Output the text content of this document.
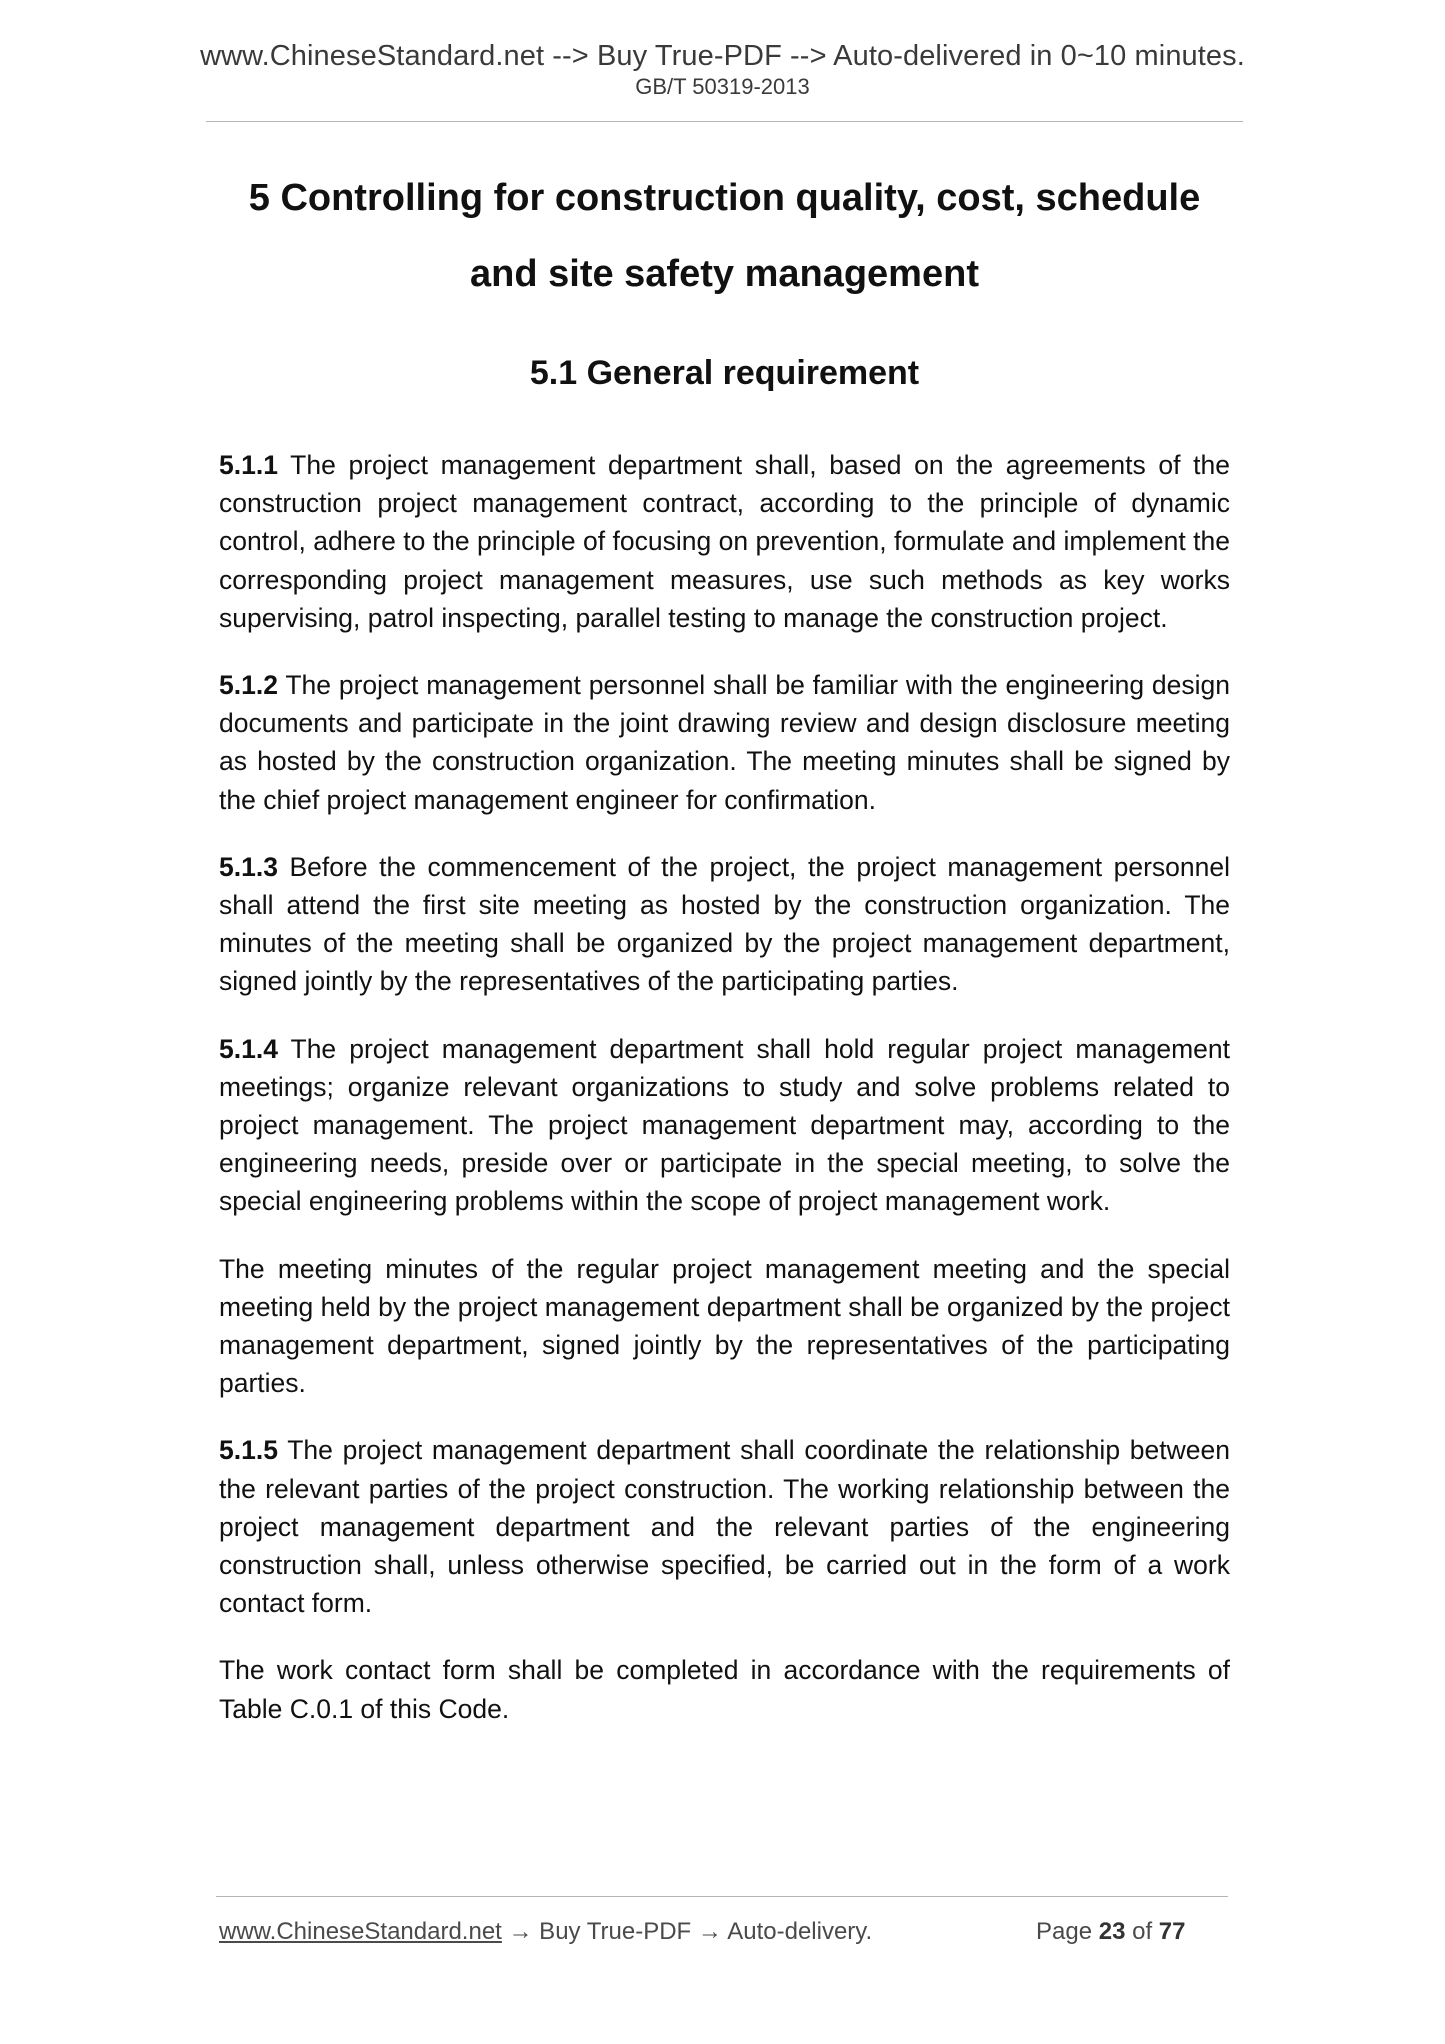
www.ChineseStandard.net --> Buy True-PDF --> Auto-delivered in 0~10 minutes.
GB/T 50319-2013
5 Controlling for construction quality, cost, schedule
and site safety management
5.1 General requirement

5.1.1 The project management department shall, based on the agreements of the construction project management contract, according to the principle of dynamic control, adhere to the principle of focusing on prevention, formulate and implement the corresponding project management measures, use such methods as key works supervising, patrol inspecting, parallel testing to manage the construction project.

5.1.2 The project management personnel shall be familiar with the engineering design documents and participate in the joint drawing review and design disclosure meeting as hosted by the construction organization. The meeting minutes shall be signed by the chief project management engineer for confirmation.

5.1.3 Before the commencement of the project, the project management personnel shall attend the first site meeting as hosted by the construction organization. The minutes of the meeting shall be organized by the project management department, signed jointly by the representatives of the participating parties.

5.1.4 The project management department shall hold regular project management meetings; organize relevant organizations to study and solve problems related to project management. The project management department may, according to the engineering needs, preside over or participate in the special meeting, to solve the special engineering problems within the scope of project management work.

The meeting minutes of the regular project management meeting and the special meeting held by the project management department shall be organized by the project management department, signed jointly by the representatives of the participating parties.

5.1.5 The project management department shall coordinate the relationship between the relevant parties of the project construction. The working relationship between the project management department and the relevant parties of the engineering construction shall, unless otherwise specified, be carried out in the form of a work contact form.

The work contact form shall be completed in accordance with the requirements of Table C.0.1 of this Code.

www.ChineseStandard.net → Buy True-PDF → Auto-delivery.	Page 23 of 77
